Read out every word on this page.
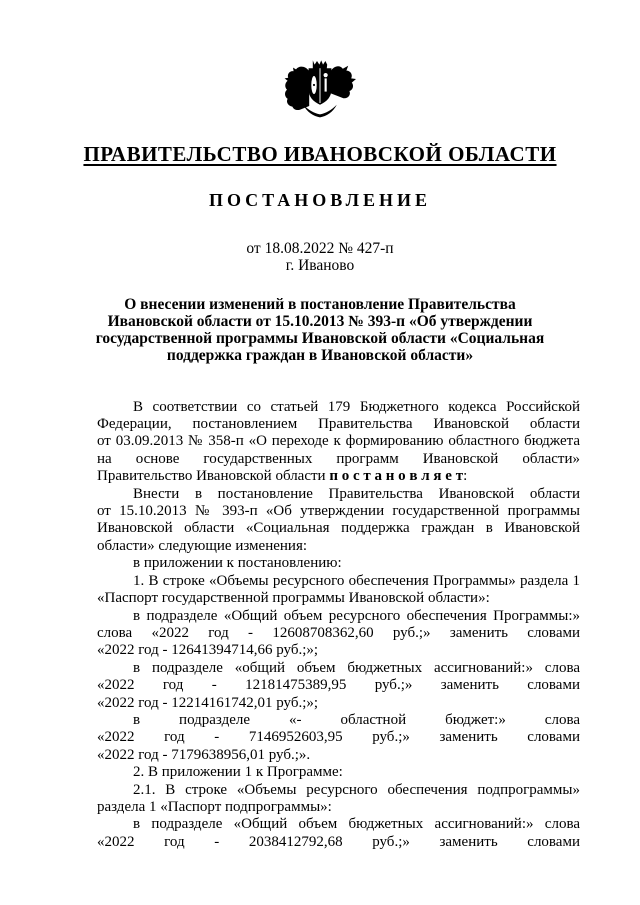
ПРАВИТЕЛЬСТВО ИВАНОВСКОЙ ОБЛАСТИ
ПОСТАНОВЛЕНИЕ
от 18.08.2022 № 427-п
г. Иваново
О внесении изменений в постановление Правительства
Ивановской области от 15.10.2013 № 393-п «Об утверждении
государственной программы Ивановской области «Социальная
поддержка граждан в Ивановской области»
В соответствии со статьей 179 Бюджетного кодекса Российской
Федерации, постановлением Правительства Ивановской области
от 03.09.2013 № 358-п «О переходе к формированию областного бюджета
на основе государственных программ Ивановской области»
Правительство Ивановской области п о с т а н о в л я е т:
Внести в постановление Правительства Ивановской области
от 15.10.2013 № 393-п «Об утверждении государственной программы
Ивановской области «Социальная поддержка граждан в Ивановской
области» следующие изменения:
в приложении к постановлению:
1. В строке «Объемы ресурсного обеспечения Программы» раздела 1
«Паспорт государственной программы Ивановской области»:
в подразделе «Общий объем ресурсного обеспечения Программы:»
слова «2022 год - 12608708362,60 руб.;» заменить словами
«2022 год - 12641394714,66 руб.;»;
в подразделе «общий объем бюджетных ассигнований:» слова
«2022 год - 12181475389,95 руб.;» заменить словами
«2022 год - 12214161742,01 руб.;»;
в подразделе «- областной бюджет:» слова
«2022 год - 7146952603,95 руб.;» заменить словами
«2022 год - 7179638956,01 руб.;».
2. В приложении 1 к Программе:
2.1. В строке «Объемы ресурсного обеспечения подпрограммы»
раздела 1 «Паспорт подпрограммы»:
в подразделе «Общий объем бюджетных ассигнований:» слова
«2022 год - 2038412792,68 руб.;» заменить словами
